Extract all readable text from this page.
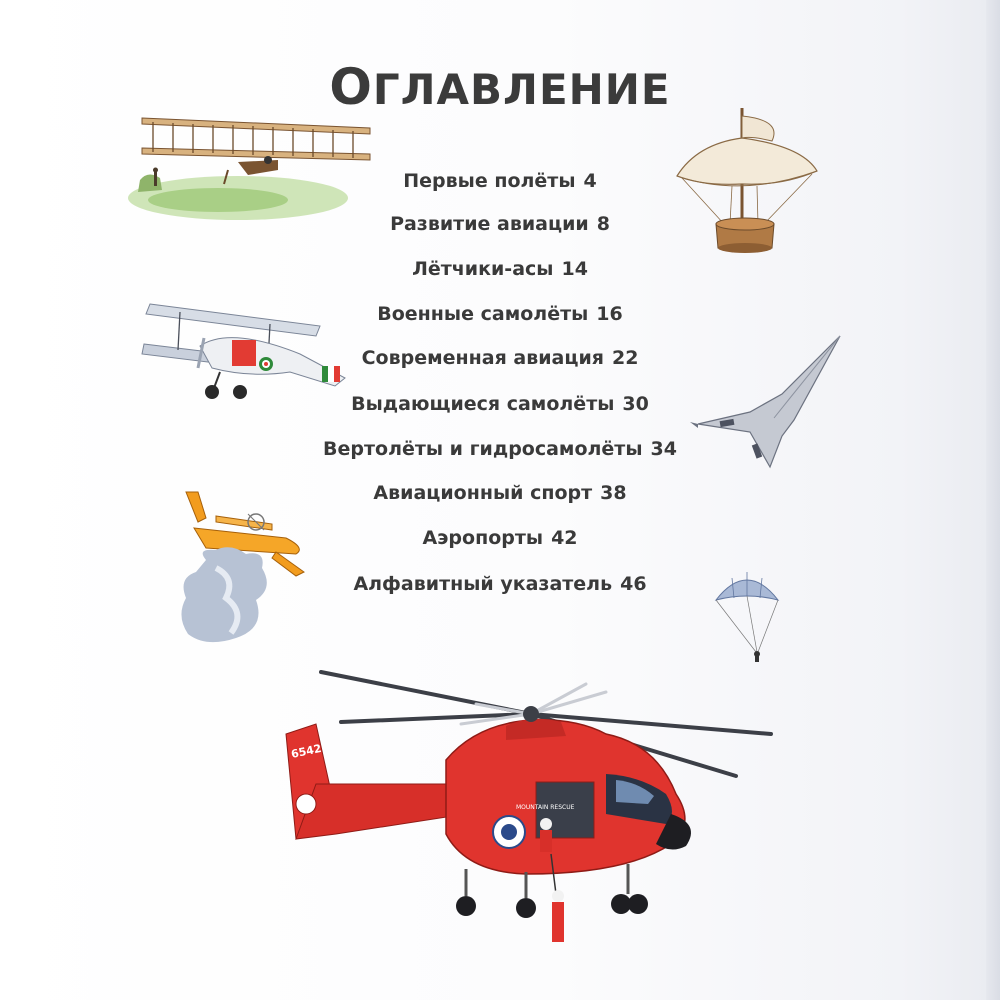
ОГЛАВЛЕНИЕ
Первые полёты 4
Развитие авиации 8
Лётчики-асы 14
Военные самолёты 16
Современная авиация 22
Выдающиеся самолёты 30
Вертолёты и гидросамолёты 34
Авиационный спорт 38
Аэропорты 42
Алфавитный указатель 46
6542
MOUNTAIN RESCUE
